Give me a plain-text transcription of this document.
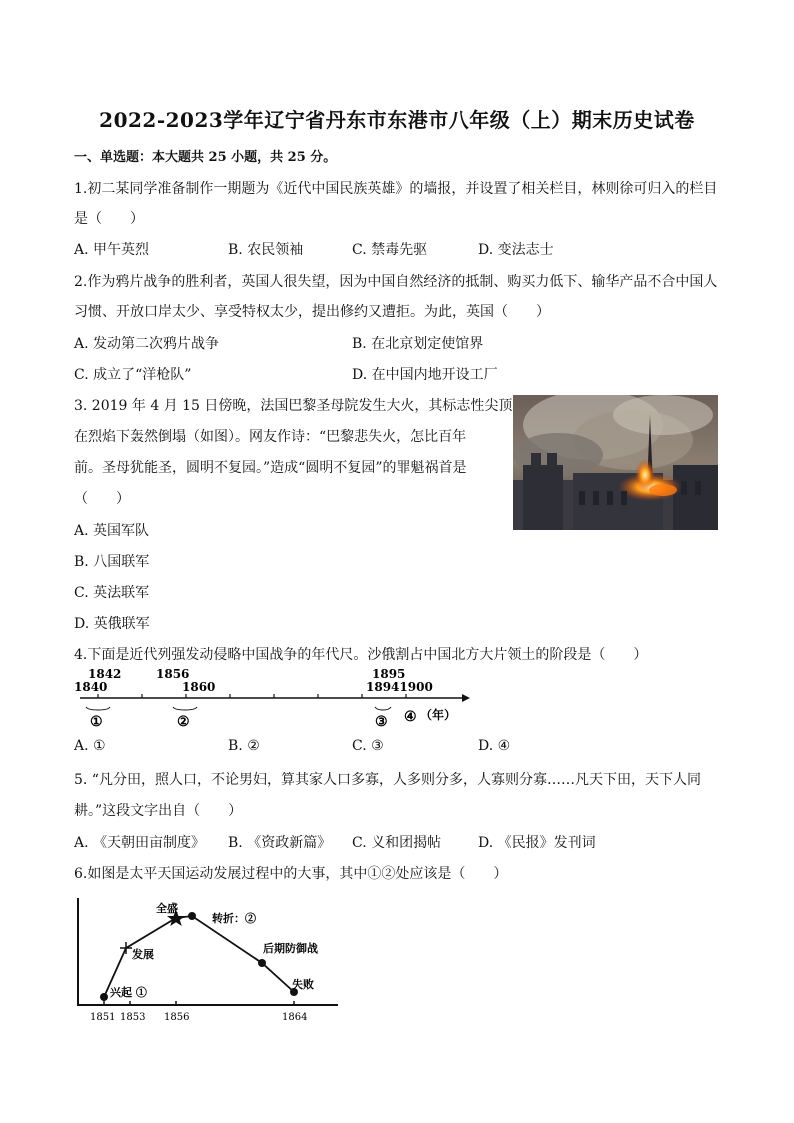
2022-2023学年辽宁省丹东市东港市八年级（上）期末历史试卷
一、单选题：本大题共 25 小题，共 25 分。
1.初二某同学准备制作一期题为《近代中国民族英雄》的墙报，并设置了相关栏目，林则徐可归入的栏目
是（　　）
A. 甲午英烈	B. 农民领袖	C. 禁毒先驱	D. 变法志士
2.作为鸦片战争的胜利者，英国人很失望，因为中国自然经济的抵制、购买力低下、输华产品不合中国人
习惯、开放口岸太少、享受特权太少，提出修约又遭拒。为此，英国（　　）
A. 发动第二次鸦片战争	B. 在北京划定使馆界
C. 成立了“洋枪队”	D. 在中国内地开设工厂
3. 2019 年 4 月 15 日傍晚，法国巴黎圣母院发生大火，其标志性尖顶
在烈焰下轰然倒塌（如图）。网友作诗：“巴黎悲失火，怎比百年
前。圣母犹能圣，圆明不复园。”造成“圆明不复园”的罪魁祸首是
（　　）
A. 英国军队
B. 八国联军
C. 英法联军
D. 英俄联军
4.下面是近代列强发动侵略中国战争的年代尺。沙俄割占中国北方大片领土的阶段是（　　）
1842	1856	1895
1840	1860	18941900
①	②	③ ④ （年）
A. ①	B. ②	C. ③	D. ④
5. “凡分田，照人口，不论男妇，算其家人口多寡，人多则分多，人寡则分寡……凡天下田，天下人同
耕。”这段文字出自（　　）
A. 《天朝田亩制度》 B. 《资政新篇》 C. 义和团揭帖	D. 《民报》发刊词
6.如图是太平天国运动发展过程中的大事，其中①②处应该是（　　）
兴起 ①
发展
全盛
转折：②
后期防御战
失败
1851 1853 1856	1864
